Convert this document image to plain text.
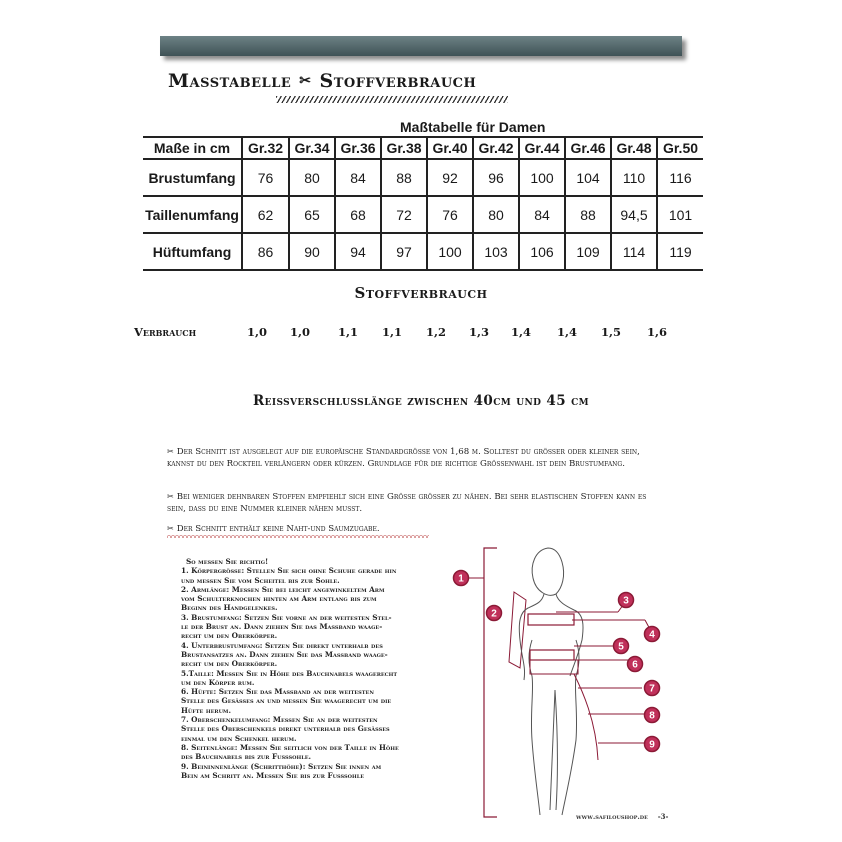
Masstabelle ✂ Stoffverbrauch
Maßtabelle für Damen
Maße in cm	Gr.32	Gr.34	Gr.36	Gr.38	Gr.40	Gr.42	Gr.44	Gr.46	Gr.48	Gr.50
Brustumfang	76	80	84	88	92	96	100	104	110	116
Taillenumfang	62	65	68	72	76	80	84	88	94,5	101
Hüftumfang	86	90	94	97	100	103	106	109	114	119
Stoffverbrauch
Verbrauch	1,0 1,0 1,1 1,1 1,2 1,3 1,4 1,4 1,5 1,6
Reissverschlusslänge zwischen 40cm und 45 cm
✂ Der Schnitt ist ausgelegt auf die europäische Standardgrösse von 1,68 m. Solltest du grösser oder kleiner sein, kannst du den Rockteil verlängern oder kürzen. Grundlage für die richtige Grössenwahl ist dein Brustumfang.
✂ Bei weniger dehnbaren Stoffen empfiehlt sich eine Grösse grösser zu nähen. Bei sehr elastischen Stoffen kann es sein, dass du eine Nummer kleiner nähen musst.
✂ Der Schnitt enthält keine Naht-und Saumzugabe.
So messen Sie richtig!
1. Körpergrösse: Stellen Sie sich ohne Schuhe gerade hin
und messen Sie vom Scheitel bis zur Sohle.
2. Armlänge: Messen Sie bei leicht angewinkeltem Arm
vom Schulterknochen hinten am Arm entlang bis zum
Beginn des Handgelenkes.
3. Brustumfang: Setzen Sie vorne an der weitesten Stel-
le der Brust an. Dann ziehen Sie das Massband waage-
recht um den Oberkörper.
4. Unterbrustumfang: Setzen Sie direkt unterhalb des
Brustansatzes an. Dann ziehen Sie das Massband waage-
recht um den Oberkörper.
5.Taille: Messen Sie in Höhe des Bauchnabels waagerecht
um den Körper rum.
6. Hüfte: Setzen Sie das Massband an der weitesten
Stelle des Gesässes an und messen Sie waagerecht um die
Hüfte herum.
7. Oberschenkelumfang: Messen Sie an der weitesten
Stelle des Oberschenkels direkt unterhalb des Gesässes
einmal um den Schenkel herum.
8. Seitenlänge: Messen Sie seitlich von der Taille in Höhe
des Bauchnabels bis zur Fusssohle.
9. Beininnenlänge (Schritthöhe): Setzen Sie innen am
Bein am Schritt an. Messen Sie bis zur Fusssohle
1
2
3
4
5
6
7
8
9
www.safiloushop.de -3-
